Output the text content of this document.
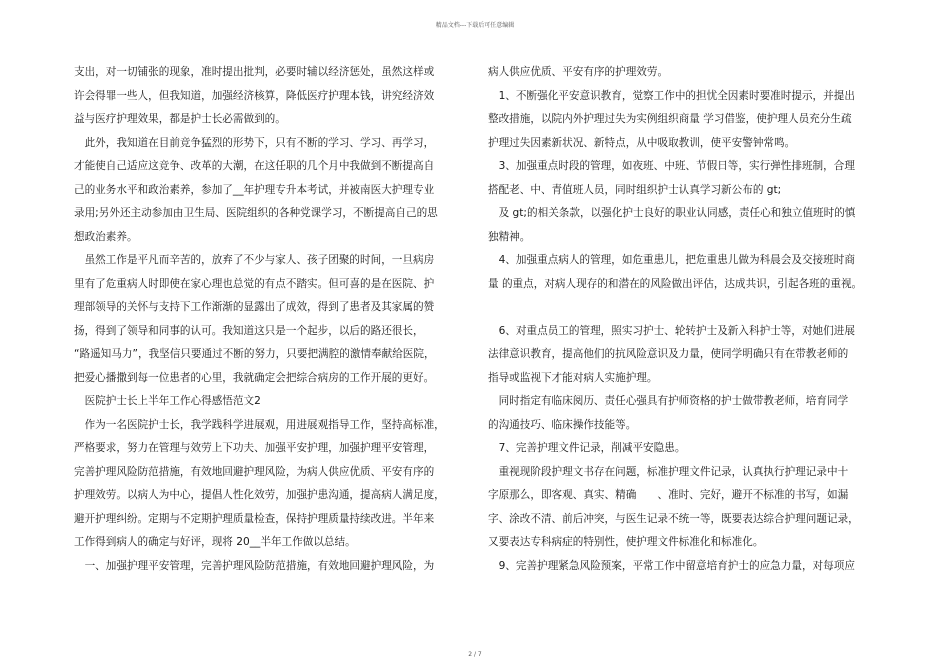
精品文档---下载后可任意编辑
支出，对一切铺张的现象，准时提出批判，必要时辅以经济惩处，虽然这样或
许会得罪一些人，但我知道，加强经济核算，降低医疗护理本钱，讲究经济效
益与医疗护理效果，都是护士长必需做到的。
　此外，我知道在目前竞争猛烈的形势下，只有不断的学习、学习、再学习，
才能使自己适应这竞争、改革的大潮，在这任职的几个月中我做到不断提高自
己的业务水平和政治素养，参加了__年护理专升本考试，并被南医大护理专业
录用;另外还主动参加由卫生局、医院组织的各种党课学习，不断提高自己的思
想政治素养。
　虽然工作是平凡而辛苦的，放弃了不少与家人、孩子团聚的时间，一旦病房
里有了危重病人时即使在家心理也总觉的有点不踏实。但可喜的是在医院、护
理部领导的关怀与支持下工作渐渐的显露出了成效，得到了患者及其家属的赞
扬，得到了领导和同事的认可。我知道这只是一个起步，以后的路还很长，
“路遥知马力”，我坚信只要通过不断的努力，只要把满腔的激情奉献给医院，
把爱心播撒到每一位患者的心里，我就确定会把综合病房的工作开展的更好。
　医院护士长上半年工作心得感悟范文2
　作为一名医院护士长，我学践科学进展观，用进展观指导工作，坚持高标准，
严格要求，努力在管理与效劳上下功夫、加强平安护理，加强护理平安管理，
完善护理风险防范措施，有效地回避护理风险，为病人供应优质、平安有序的
护理效劳。以病人为中心，提倡人性化效劳，加强护患沟通，提高病人满足度，
避开护理纠纷。定期与不定期护理质量检查，保持护理质量持续改进。半年来
工作得到病人的确定与好评，现将 20__半年工作做以总结。
　一、加强护理平安管理，完善护理风险防范措施，有效地回避护理风险，为
病人供应优质、平安有序的护理效劳。
　1、不断强化平安意识教育，觉察工作中的担忧全因素时要准时提示，并提出
整改措施，以院内外护理过失为实例组织商量 学习借鉴，使护理人员充分生疏
护理过失因素新状况、新特点，从中吸取教训，使平安警钟常鸣。
　3、加强重点时段的管理，如夜班、中班、节假日等，实行弹性排班制，合理
搭配老、中、青值班人员，同时组织护士认真学习新公布的 gt;
　及 gt;的相关条款，以强化护士良好的职业认同感，责任心和独立值班时的慎
独精神。
　4、加强重点病人的管理，如危重患儿，把危重患儿做为科晨会及交接班时商
量 的重点，对病人现存的和潜在的风险做出评估，达成共识，引起各班的重视。
　6、对重点员工的管理，照实习护士、轮转护士及新入科护士等，对她们进展
法律意识教育，提高他们的抗风险意识及力量，使同学明确只有在带教老师的
指导或监视下才能对病人实施护理。
　同时指定有临床阅历、责任心强具有护师资格的护士做带教老师，培育同学
的沟通技巧、临床操作技能等。
　7、完善护理文件记录，削减平安隐患。
　重视现阶段护理文书存在问题，标准护理文件记录，认真执行护理记录中十
字原那么，即客观、真实、精确　　、准时、完好，避开不标准的书写，如漏
字、涂改不清、前后冲突，与医生记录不统一等，既要表达综合护理问题记录，
又要表达专科病症的特别性，使护理文件标准化和标准化。
　9、完善护理紧急风险预案，平常工作中留意培育护士的应急力量，对每项应
2 / 7
